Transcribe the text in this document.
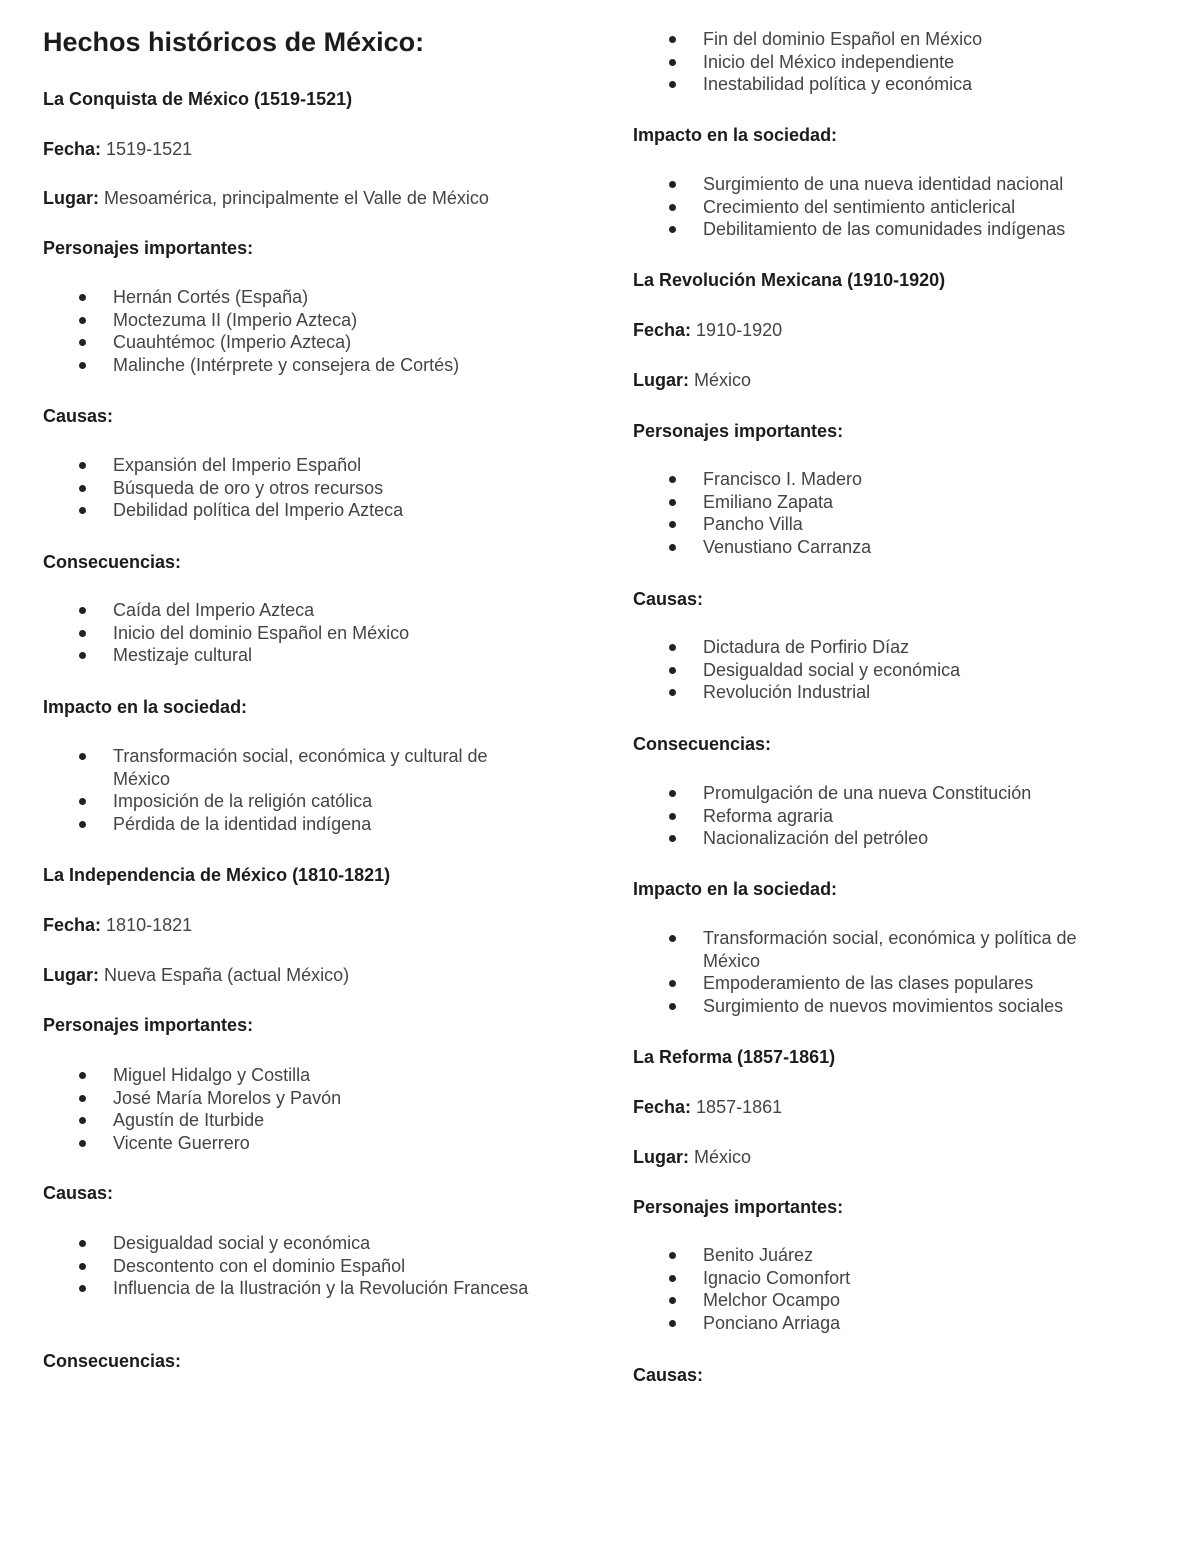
Hechos históricos de México:

La Conquista de México (1519-1521)

Fecha: 1519-1521

Lugar: Mesoamérica, principalmente el Valle de México

Personajes importantes:

Hernán Cortés (España)
Moctezuma II (Imperio Azteca)
Cuauhtémoc (Imperio Azteca)
Malinche (Intérprete y consejera de Cortés)

Causas:

Expansión del Imperio Español
Búsqueda de oro y otros recursos
Debilidad política del Imperio Azteca

Consecuencias:

Caída del Imperio Azteca
Inicio del dominio Español en México
Mestizaje cultural

Impacto en la sociedad:

Transformación social, económica y cultural de México
Imposición de la religión católica
Pérdida de la identidad indígena

La Independencia de México (1810-1821)

Fecha: 1810-1821

Lugar: Nueva España (actual México)

Personajes importantes:

Miguel Hidalgo y Costilla
José María Morelos y Pavón
Agustín de Iturbide
Vicente Guerrero

Causas:

Desigualdad social y económica
Descontento con el dominio Español
Influencia de la Ilustración y la Revolución Francesa

Consecuencias:

Fin del dominio Español en México
Inicio del México independiente
Inestabilidad política y económica

Impacto en la sociedad:

Surgimiento de una nueva identidad nacional
Crecimiento del sentimiento anticlerical
Debilitamiento de las comunidades indígenas

La Revolución Mexicana (1910-1920)

Fecha: 1910-1920

Lugar: México

Personajes importantes:

Francisco I. Madero
Emiliano Zapata
Pancho Villa
Venustiano Carranza

Causas:

Dictadura de Porfirio Díaz
Desigualdad social y económica
Revolución Industrial

Consecuencias:

Promulgación de una nueva Constitución
Reforma agraria
Nacionalización del petróleo

Impacto en la sociedad:

Transformación social, económica y política de México
Empoderamiento de las clases populares
Surgimiento de nuevos movimientos sociales

La Reforma (1857-1861)

Fecha: 1857-1861

Lugar: México

Personajes importantes:

Benito Juárez
Ignacio Comonfort
Melchor Ocampo
Ponciano Arriaga

Causas:
